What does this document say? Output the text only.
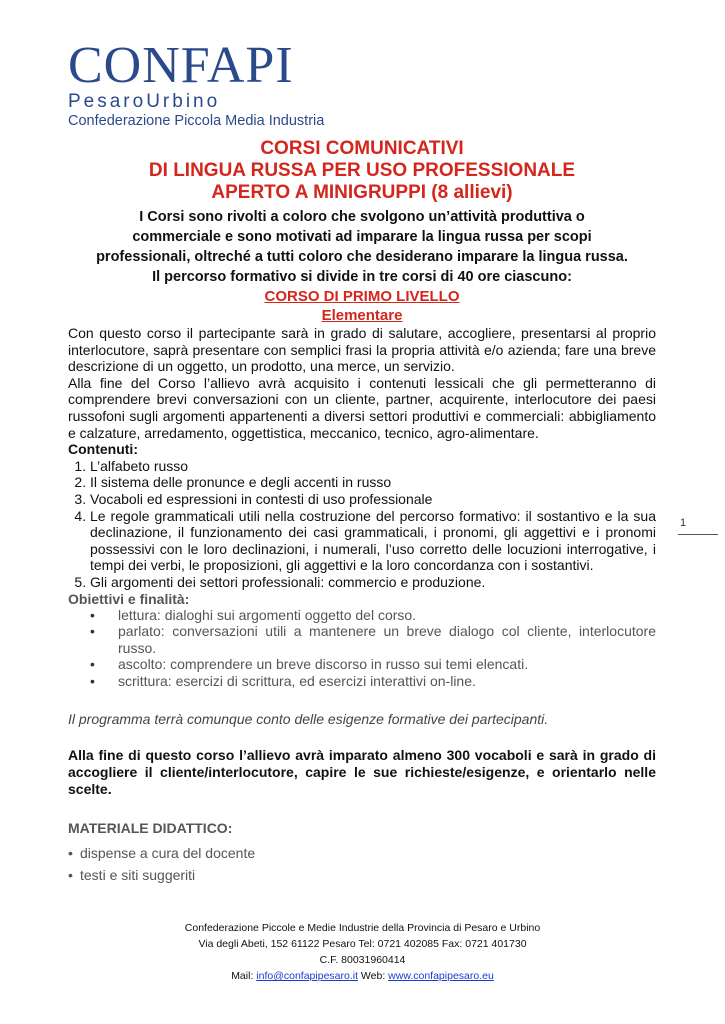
CONFAPI
PesaroUrbino
Confederazione Piccola Media Industria

CORSI COMUNICATIVI

DI LINGUA RUSSA PER USO PROFESSIONALE

APERTO A MINIGRUPPI (8 allievi)

I Corsi sono rivolti a coloro che svolgono un’attività produttiva o
commerciale e sono motivati ad imparare la lingua russa per scopi
professionali, oltreché a tutti coloro che desiderano imparare la lingua russa.
Il percorso formativo si divide in tre corsi di 40 ore ciascuno:

CORSO DI PRIMO LIVELLO

Elementare

Con questo corso il partecipante sarà in grado di salutare, accogliere, presentarsi al proprio interlocutore, saprà presentare con semplici frasi la propria attività e/o azienda; fare una breve descrizione di un oggetto, un prodotto, una merce, un servizio.

Alla fine del Corso l’allievo avrà acquisito i contenuti lessicali che gli permetteranno di comprendere brevi conversazioni con un cliente, partner, acquirente, interlocutore dei paesi russofoni sugli argomenti appartenenti a diversi settori produttivi e commerciali: abbigliamento e calzature, arredamento, oggettistica, meccanico, tecnico, agro-alimentare.

Contenuti:

1. L’alfabeto russo
2. Il sistema delle pronunce e degli accenti in russo
3. Vocaboli ed espressioni in contesti di uso professionale
4. Le regole grammaticali utili nella costruzione del percorso formativo: il sostantivo e la sua declinazione, il funzionamento dei casi grammaticali, i pronomi, gli aggettivi e i pronomi possessivi con le loro declinazioni, i numerali, l’uso corretto delle locuzioni interrogative, i tempi dei verbi, le proposizioni, gli aggettivi e la loro concordanza con i sostantivi.
5. Gli argomenti dei settori professionali: commercio e produzione.

Obiettivi e finalità:

• lettura: dialoghi sui argomenti oggetto del corso.
• parlato: conversazioni utili a mantenere un breve dialogo col cliente, interlocutore russo.
• ascolto: comprendere un breve discorso in russo sui temi elencati.
• scrittura: esercizi di scrittura, ed esercizi interattivi on-line.

Il programma terrà comunque conto delle esigenze formative dei partecipanti.

Alla fine di questo corso l’allievo avrà imparato almeno 300 vocaboli e sarà in grado di accogliere il cliente/interlocutore, capire le sue richieste/esigenze, e orientarlo nelle scelte.

MATERIALE DIDATTICO:

• dispense a cura del docente
• testi e siti suggeriti
1
Confederazione Piccole e Medie Industrie della Provincia di Pesaro e Urbino
Via degli Abeti, 152 61122 Pesaro Tel: 0721 402085 Fax: 0721 401730
C.F. 80031960414
Mail: info@confapipesaro.it Web: www.confapipesaro.eu
